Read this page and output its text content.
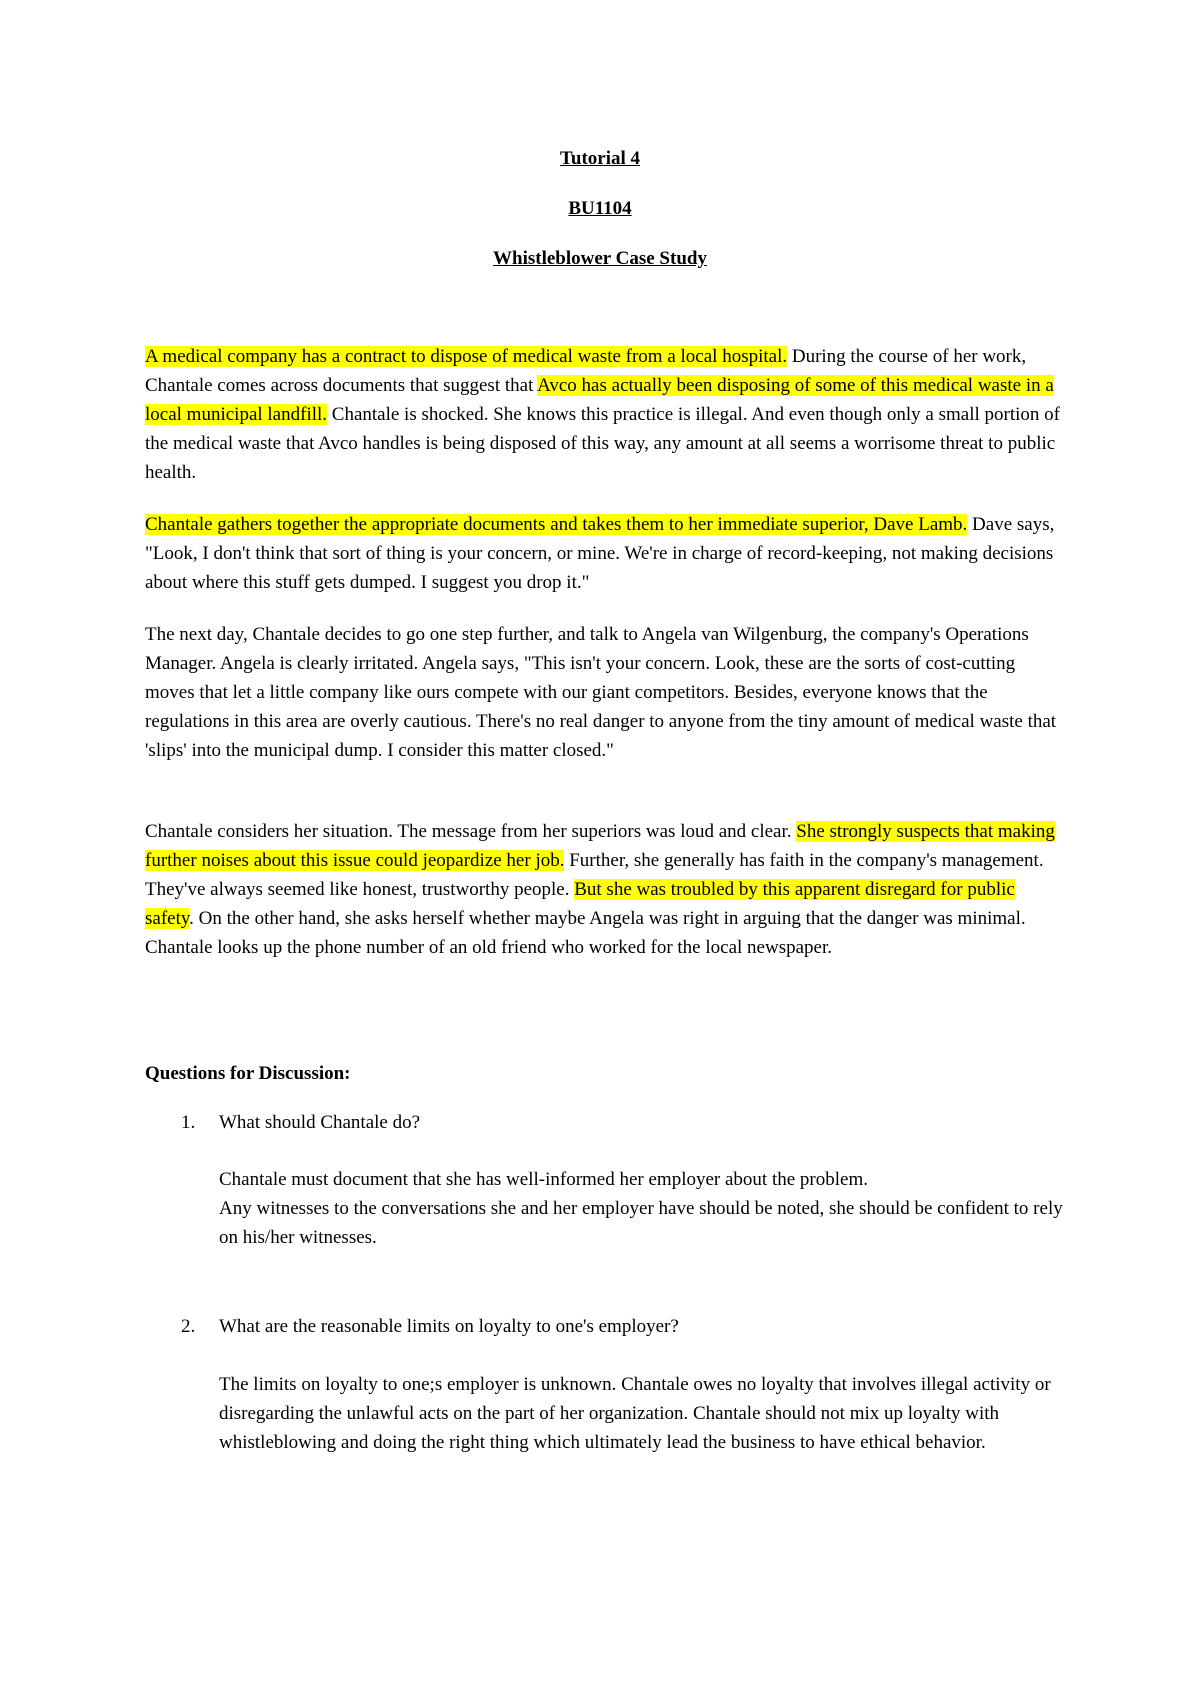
Tutorial 4
BU1104
Whistleblower Case Study
A medical company has a contract to dispose of medical waste from a local hospital. During the course of her work, Chantale comes across documents that suggest that Avco has actually been disposing of some of this medical waste in a local municipal landfill. Chantale is shocked. She knows this practice is illegal. And even though only a small portion of the medical waste that Avco handles is being disposed of this way, any amount at all seems a worrisome threat to public health.
Chantale gathers together the appropriate documents and takes them to her immediate superior, Dave Lamb. Dave says, "Look, I don't think that sort of thing is your concern, or mine. We're in charge of record-keeping, not making decisions about where this stuff gets dumped. I suggest you drop it."
The next day, Chantale decides to go one step further, and talk to Angela van Wilgenburg, the company's Operations Manager. Angela is clearly irritated. Angela says, "This isn't your concern. Look, these are the sorts of cost-cutting moves that let a little company like ours compete with our giant competitors. Besides, everyone knows that the regulations in this area are overly cautious. There's no real danger to anyone from the tiny amount of medical waste that 'slips' into the municipal dump. I consider this matter closed."
Chantale considers her situation. The message from her superiors was loud and clear. She strongly suspects that making further noises about this issue could jeopardize her job. Further, she generally has faith in the company's management. They've always seemed like honest, trustworthy people. But she was troubled by this apparent disregard for public safety. On the other hand, she asks herself whether maybe Angela was right in arguing that the danger was minimal. Chantale looks up the phone number of an old friend who worked for the local newspaper.
Questions for Discussion:
1. What should Chantale do?
Chantale must document that she has well-informed her employer about the problem.
Any witnesses to the conversations she and her employer have should be noted, she should be confident to rely on his/her witnesses.
2. What are the reasonable limits on loyalty to one's employer?
The limits on loyalty to one;s employer is unknown. Chantale owes no loyalty that involves illegal activity or disregarding the unlawful acts on the part of her organization. Chantale should not mix up loyalty with whistleblowing and doing the right thing which ultimately lead the business to have ethical behavior.
